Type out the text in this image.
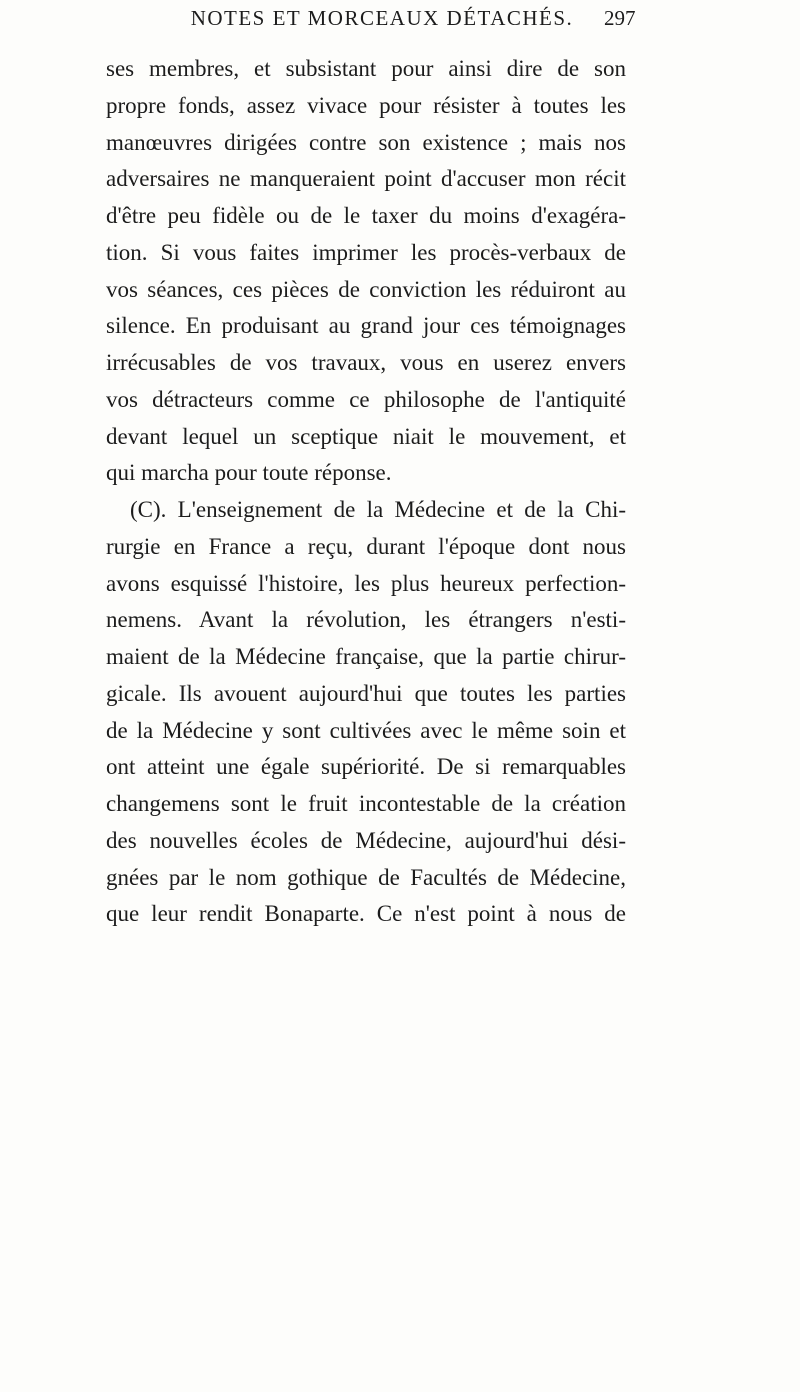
NOTES ET MORCEAUX DÉTACHÉS.	297
ses membres, et subsistant pour ainsi dire de son
propre fonds, assez vivace pour résister à toutes les
manœuvres dirigées contre son existence ; mais nos
adversaires ne manqueraient point d'accuser mon récit
d'être peu fidèle ou de le taxer du moins d'exagéra-
tion. Si vous faites imprimer les procès-verbaux de
vos séances, ces pièces de conviction les réduiront au
silence. En produisant au grand jour ces témoignages
irrécusables de vos travaux, vous en userez envers
vos détracteurs comme ce philosophe de l'antiquité
devant lequel un sceptique niait le mouvement, et
qui marcha pour toute réponse.
(C). L'enseignement de la Médecine et de la Chi-
rurgie en France a reçu, durant l'époque dont nous
avons esquissé l'histoire, les plus heureux perfection-
nemens. Avant la révolution, les étrangers n'esti-
maient de la Médecine française, que la partie chirur-
gicale. Ils avouent aujourd'hui que toutes les parties
de la Médecine y sont cultivées avec le même soin et
ont atteint une égale supériorité. De si remarquables
changemens sont le fruit incontestable de la création
des nouvelles écoles de Médecine, aujourd'hui dési-
gnées par le nom gothique de Facultés de Médecine,
que leur rendit Bonaparte. Ce n'est point à nous de
